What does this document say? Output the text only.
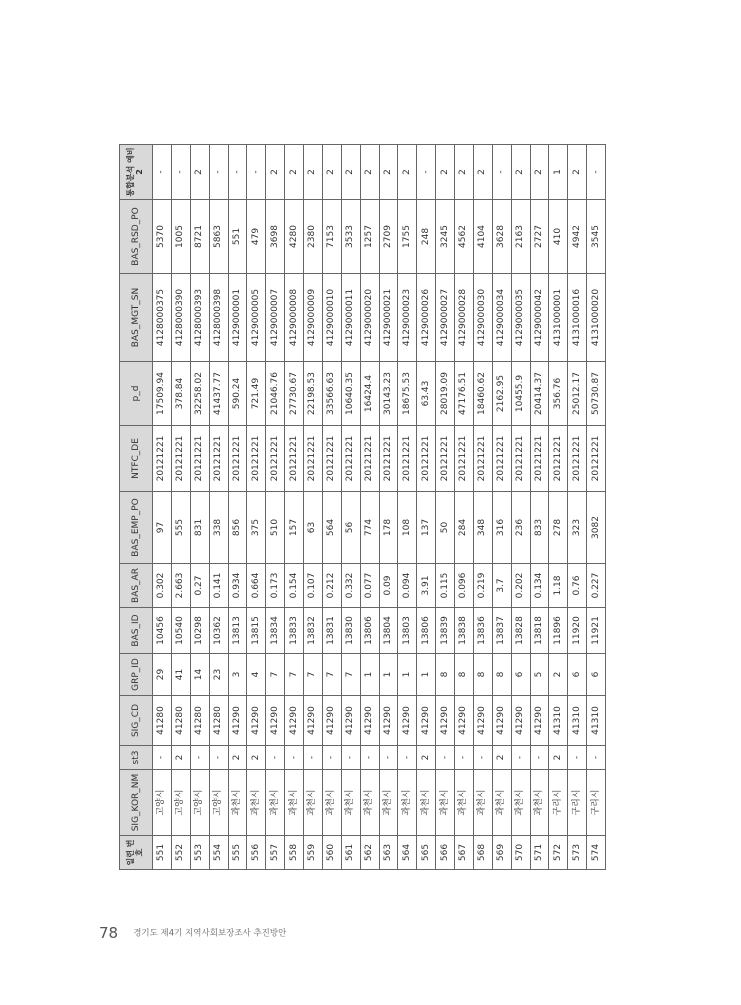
일련 번호	SIG_KOR_NM	st3	SIG_CD	GRP_ID	BAS_ID	BAS_AR	BAS_EMP_PO	NTFC_DE	p_d	BAS_MGT_SN	BAS_RSD_PO	통합분석 예비2
551	고양시	-	41280	29	10456	0.302	97	20121221	17509.94	4128000375	5370	-
552	고양시	2	41280	41	10540	2.663	555	20121221	378.84	4128000390	1005	-
553	고양시	-	41280	14	10298	0.27	831	20121221	32258.02	4128000393	8721	2
554	고양시	-	41280	23	10362	0.141	338	20121221	41437.77	4128000398	5863	-
555	과천시	2	41290	3	13813	0.934	856	20121221	590.24	4129000001	551	-
556	과천시	2	41290	4	13815	0.664	375	20121221	721.49	4129000005	479	-
557	과천시	-	41290	7	13834	0.173	510	20121221	21046.76	4129000007	3698	2
558	과천시	-	41290	7	13833	0.154	157	20121221	27730.67	4129000008	4280	2
559	과천시	-	41290	7	13832	0.107	63	20121221	22198.53	4129000009	2380	2
560	과천시	-	41290	7	13831	0.212	564	20121221	33566.63	4129000010	7153	2
561	과천시	-	41290	7	13830	0.332	56	20121221	10640.35	4129000011	3533	2
562	과천시	-	41290	1	13806	0.077	774	20121221	16424.4	4129000020	1257	2
563	과천시	-	41290	1	13804	0.09	178	20121221	30143.23	4129000021	2709	2
564	과천시	-	41290	1	13803	0.094	108	20121221	18675.53	4129000023	1755	2
565	과천시	2	41290	1	13806	3.91	137	20121221	63.43	4129000026	248	-
566	과천시	-	41290	8	13839	0.115	50	20121221	28019.09	4129000027	3245	2
567	과천시	-	41290	8	13838	0.096	284	20121221	47176.51	4129000028	4562	2
568	과천시	-	41290	8	13836	0.219	348	20121221	18460.62	4129000030	4104	2
569	과천시	2	41290	8	13837	3.7	316	20121221	2162.95	4129000034	3628	-
570	과천시	-	41290	6	13828	0.202	236	20121221	10455.9	4129000035	2163	2
571	과천시	-	41290	5	13818	0.134	833	20121221	20414.37	4129000042	2727	2
572	구리시	2	41310	2	11896	1.18	278	20121221	356.76	4131000001	410	1
573	구리시	-	41310	6	11920	0.76	323	20121221	25012.17	4131000016	4942	2
574	구리시	-	41310	6	11921	0.227	3082	20121221	50730.87	4131000020	3545	-
78 경기도 제4기 지역사회보장조사 추진방안
